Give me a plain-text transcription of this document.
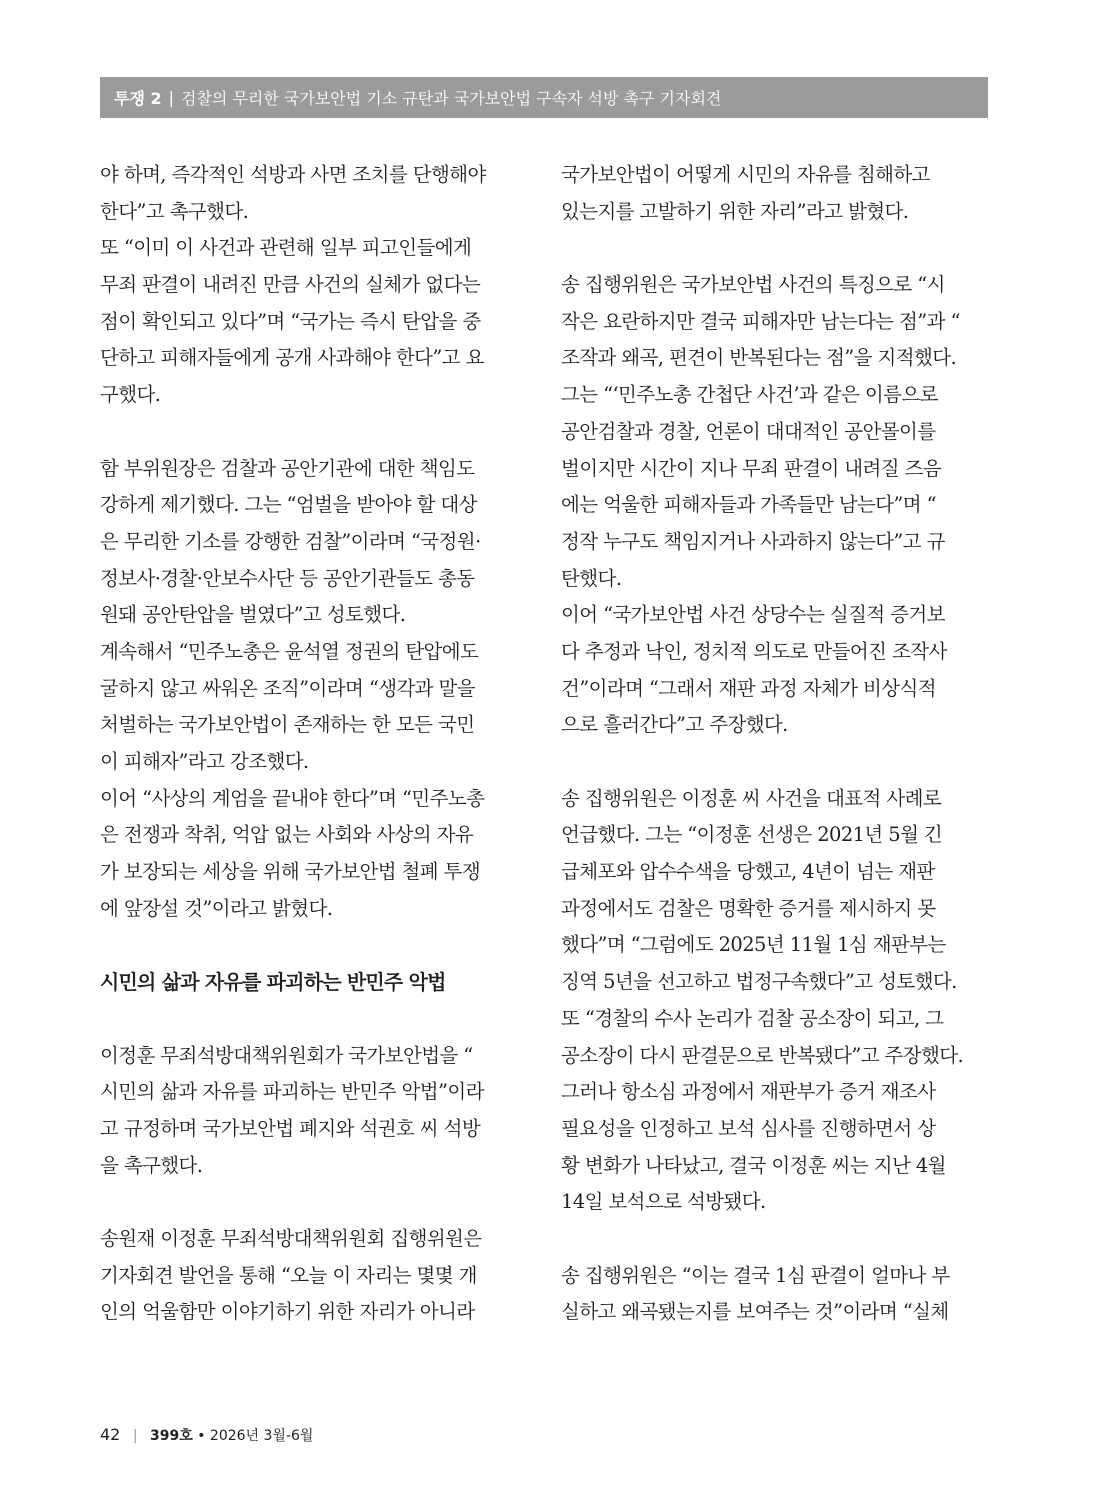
투쟁 2 | 검찰의 무리한 국가보안법 기소 규탄과 국가보안법 구속자 석방 촉구 기자회견
야 하며, 즉각적인 석방과 사면 조치를 단행해야
한다”고 촉구했다.
또 “이미 이 사건과 관련해 일부 피고인들에게
무죄 판결이 내려진 만큼 사건의 실체가 없다는
점이 확인되고 있다”며 “국가는 즉시 탄압을 중
단하고 피해자들에게 공개 사과해야 한다”고 요
구했다.
함 부위원장은 검찰과 공안기관에 대한 책임도
강하게 제기했다. 그는 “엄벌을 받아야 할 대상
은 무리한 기소를 강행한 검찰”이라며 “국정원·
정보사·경찰·안보수사단 등 공안기관들도 총동
원돼 공안탄압을 벌였다”고 성토했다.
계속해서 “민주노총은 윤석열 정권의 탄압에도
굴하지 않고 싸워온 조직”이라며 “생각과 말을
처벌하는 국가보안법이 존재하는 한 모든 국민
이 피해자”라고 강조했다.
이어 “사상의 계엄을 끝내야 한다”며 “민주노총
은 전쟁과 착취, 억압 없는 사회와 사상의 자유
가 보장되는 세상을 위해 국가보안법 철폐 투쟁
에 앞장설 것”이라고 밝혔다.
시민의 삶과 자유를 파괴하는 반민주 악법
이정훈 무죄석방대책위원회가 국가보안법을 “
시민의 삶과 자유를 파괴하는 반민주 악법”이라
고 규정하며 국가보안법 폐지와 석권호 씨 석방
을 촉구했다.
송원재 이정훈 무죄석방대책위원회 집행위원은
기자회견 발언을 통해 “오늘 이 자리는 몇몇 개
인의 억울함만 이야기하기 위한 자리가 아니라
국가보안법이 어떻게 시민의 자유를 침해하고
있는지를 고발하기 위한 자리”라고 밝혔다.
송 집행위원은 국가보안법 사건의 특징으로 “시
작은 요란하지만 결국 피해자만 남는다는 점”과 “
조작과 왜곡, 편견이 반복된다는 점”을 지적했다.
그는 “‘민주노총 간첩단 사건’과 같은 이름으로
공안검찰과 경찰, 언론이 대대적인 공안몰이를
벌이지만 시간이 지나 무죄 판결이 내려질 즈음
에는 억울한 피해자들과 가족들만 남는다”며 “
정작 누구도 책임지거나 사과하지 않는다”고 규
탄했다.
이어 “국가보안법 사건 상당수는 실질적 증거보
다 추정과 낙인, 정치적 의도로 만들어진 조작사
건”이라며 “그래서 재판 과정 자체가 비상식적
으로 흘러간다”고 주장했다.
송 집행위원은 이정훈 씨 사건을 대표적 사례로
언급했다. 그는 “이정훈 선생은 2021년 5월 긴
급체포와 압수수색을 당했고, 4년이 넘는 재판
과정에서도 검찰은 명확한 증거를 제시하지 못
했다”며 “그럼에도 2025년 11월 1심 재판부는
징역 5년을 선고하고 법정구속했다”고 성토했다.
또 “경찰의 수사 논리가 검찰 공소장이 되고, 그
공소장이 다시 판결문으로 반복됐다”고 주장했다.
그러나 항소심 과정에서 재판부가 증거 재조사
필요성을 인정하고 보석 심사를 진행하면서 상
황 변화가 나타났고, 결국 이정훈 씨는 지난 4월
14일 보석으로 석방됐다.
송 집행위원은 “이는 결국 1심 판결이 얼마나 부
실하고 왜곡됐는지를 보여주는 것”이라며 “실체
42 | 399호 • 2026년 3월-6월
